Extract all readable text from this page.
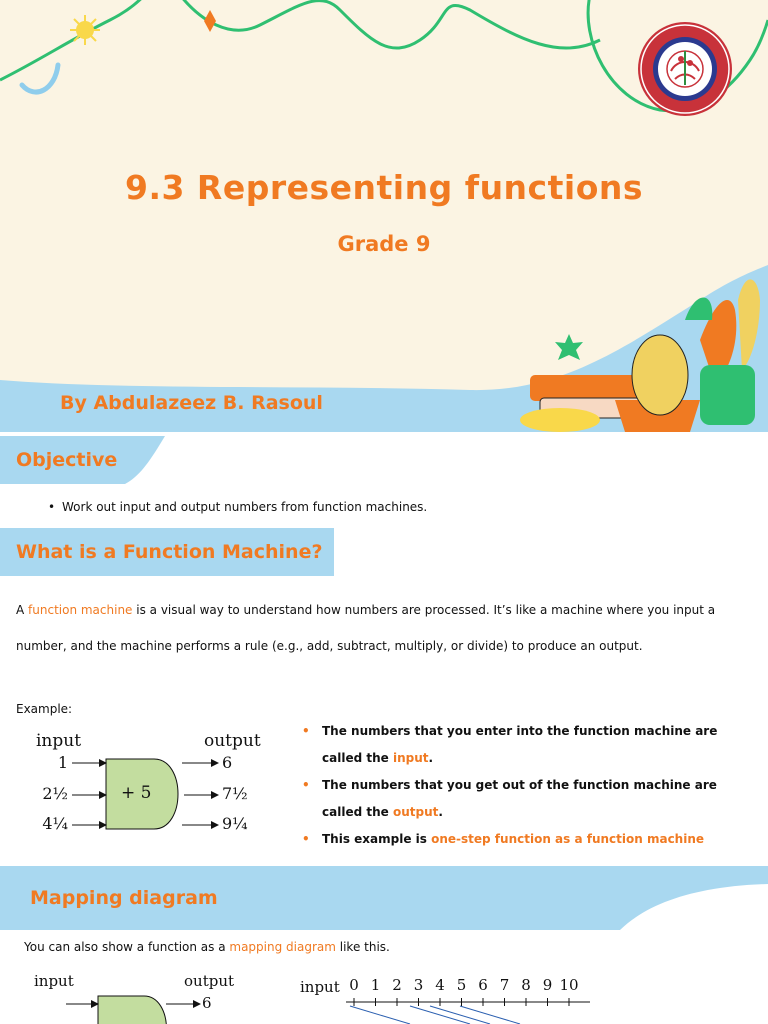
9.3 Representing functions
Grade 9
By Abdulazeez B. Rasoul
Objective
• Work out input and output numbers from function machines.
What is a Function Machine?
A function machine is a visual way to understand how numbers are processed. It’s like a machine where you input a number, and the machine performs a rule (e.g., add, subtract, multiply, or divide) to produce an output.
Example:
input	output
+ 5
1
2½
4¼
6
7½
9¼
• The numbers that you enter into the function machine are called the input.
• The numbers that you get out of the function machine are called the output.
• This example is one-step function as a function machine
Mapping diagram
You can also show a function as a mapping diagram like this.
input	output
6
input 0 1 2 3 4 5 6 7 8 9 10
